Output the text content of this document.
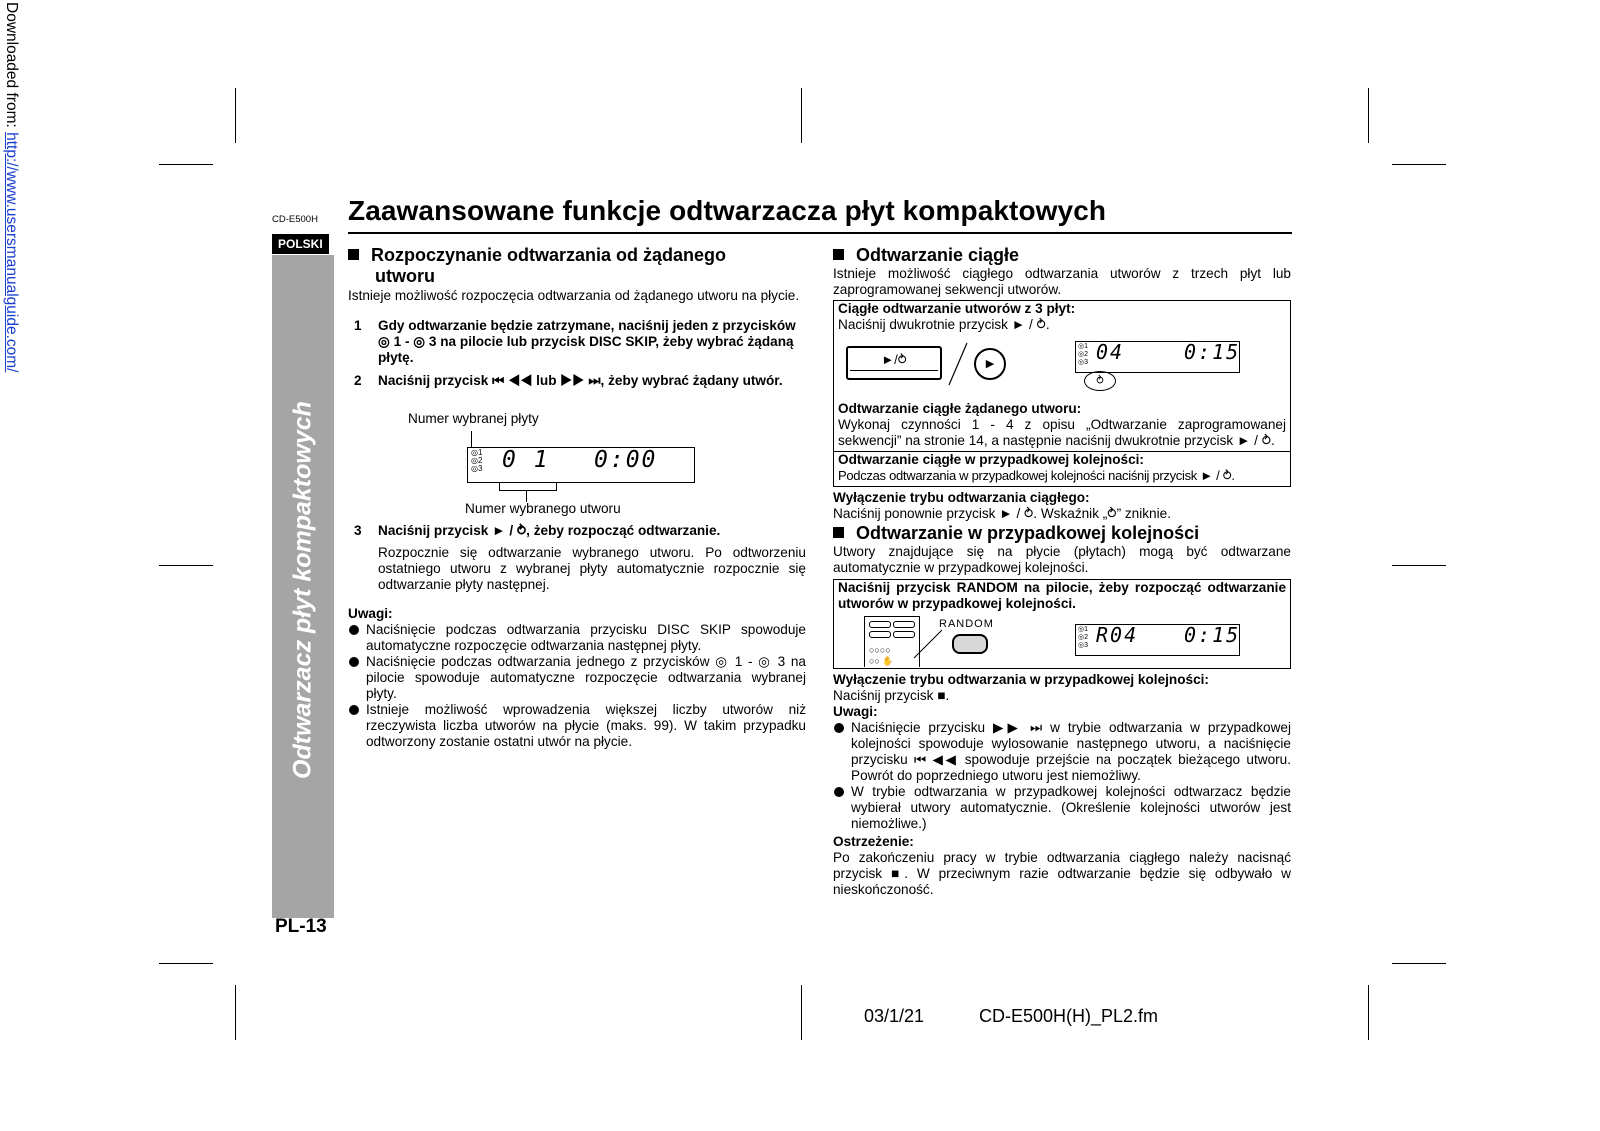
Downloaded from: http://www.usersmanualguide.com/	CD-E500H
POLSKI
Zaawansowane funkcje odtwarzacza płyt kompaktowych
Odtwarzacz płyt kompaktowych
PL-13
Rozpoczynanie odtwarzania od żądanego
utworu
Istnieje możliwość rozpoczęcia odtwarzania od żądanego utworu na płycie.
1 Gdy odtwarzanie będzie zatrzymane, naciśnij jeden z przycisków ◎ 1 - ◎ 3 na pilocie lub przycisk DISC SKIP, żeby wybrać żądaną płytę.
2 Naciśnij przycisk ⏮ ◀◀ lub ▶▶ ⏭, żeby wybrać żądany utwór.
Numer wybranej płyty
◎1
◎2
◎3 0 1 0:00
Numer wybranego utworu
3 Naciśnij przycisk ► / ⥁, żeby rozpocząć odtwarzanie.
Rozpocznie się odtwarzanie wybranego utworu. Po odtworzeniu ostatniego utworu z wybranej płyty automatycznie rozpocznie się odtwarzanie płyty następnej.
Uwagi:
Naciśnięcie podczas odtwarzania przycisku DISC SKIP spowoduje automatyczne rozpoczęcie odtwarzania następnej płyty.
Naciśnięcie podczas odtwarzania jednego z przycisków ◎ 1 - ◎ 3 na pilocie spowoduje automatyczne rozpoczęcie odtwarzania wybranej płyty.
Istnieje możliwość wprowadzenia większej liczby utworów niż rzeczywista liczba utworów na płycie (maks. 99). W takim przypadku odtworzony zostanie ostatni utwór na płycie.
Odtwarzanie ciągłe
Istnieje możliwość ciągłego odtwarzania utworów z trzech płyt lub zaprogramowanej sekwencji utworów.
Ciągłe odtwarzanie utworów z 3 płyt:
Naciśnij dwukrotnie przycisk ► / ⥁.
►/⥁	▶
◎1
◎2
◎3 04	0:15
⥁
Odtwarzanie ciągłe żądanego utworu:
Wykonaj czynności 1 - 4 z opisu „Odtwarzanie zaprogramowanej sekwencji” na stronie 14, a następnie naciśnij dwukrotnie przycisk ► / ⥁.
Odtwarzanie ciągłe w przypadkowej kolejności:
Podczas odtwarzania w przypadkowej kolejności naciśnij przycisk ► / ⥁.
Wyłączenie trybu odtwarzania ciągłego:
Naciśnij ponownie przycisk ► / ⥁. Wskaźnik „⥁” zniknie.
Odtwarzanie w przypadkowej kolejności
Utwory znajdujące się na płycie (płytach) mogą być odtwarzane automatycznie w przypadkowej kolejności.
Naciśnij przycisk RANDOM na pilocie, żeby rozpocząć odtwarzanie utworów w przypadkowej kolejności.
○○○○
○○ ✋
RANDOM	◎1
◎2
◎3 R04 0:15
Wyłączenie trybu odtwarzania w przypadkowej kolejności:
Naciśnij przycisk ■.
Uwagi:
Naciśnięcie przycisku ▶▶ ⏭ w trybie odtwarzania w przypadkowej kolejności spowoduje wylosowanie następnego utworu, a naciśnięcie przycisku ⏮ ◀◀ spowoduje przejście na początek bieżącego utworu. Powrót do poprzedniego utworu jest niemożliwy.
W trybie odtwarzania w przypadkowej kolejności odtwarzacz będzie wybierał utwory automatycznie. (Określenie kolejności utworów jest niemożliwe.)
Ostrzeżenie:
Po zakończeniu pracy w trybie odtwarzania ciągłego należy nacisnąć przycisk ■. W przeciwnym razie odtwarzanie będzie się odbywało w nieskończoność.
03/1/21	CD-E500H(H)_PL2.fm
